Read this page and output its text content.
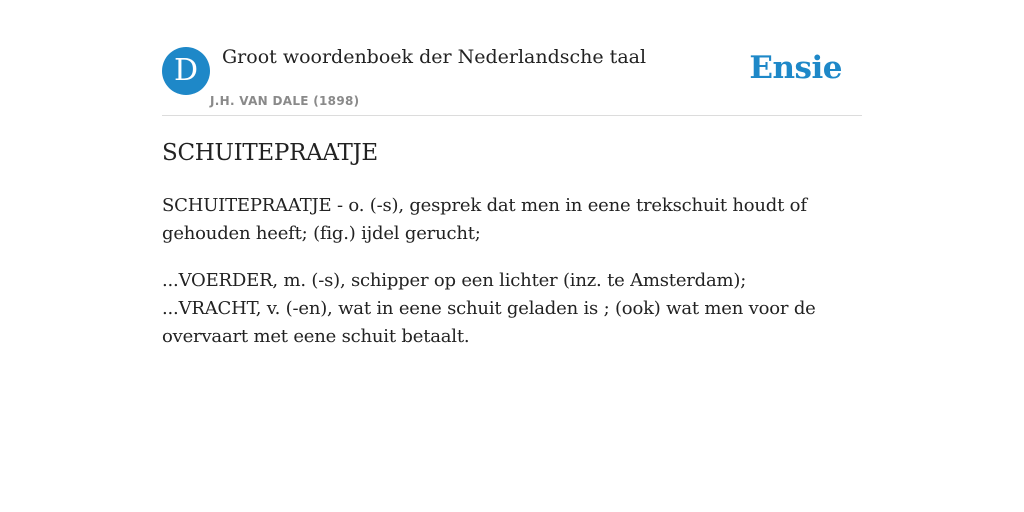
D	Groot woordenboek der Nederlandsche taal
J.H. VAN DALE (1898)
Ensie
SCHUITEPRAATJE

SCHUITEPRAATJE - o. (-s), gesprek dat men in eene trekschuit houdt of gehouden heeft; (fig.) ijdel gerucht;

...VOERDER, m. (-s), schipper op een lichter (inz. te Amsterdam);
...VRACHT, v. (-en), wat in eene schuit geladen is ; (ook) wat men voor de overvaart met eene schuit betaalt.
